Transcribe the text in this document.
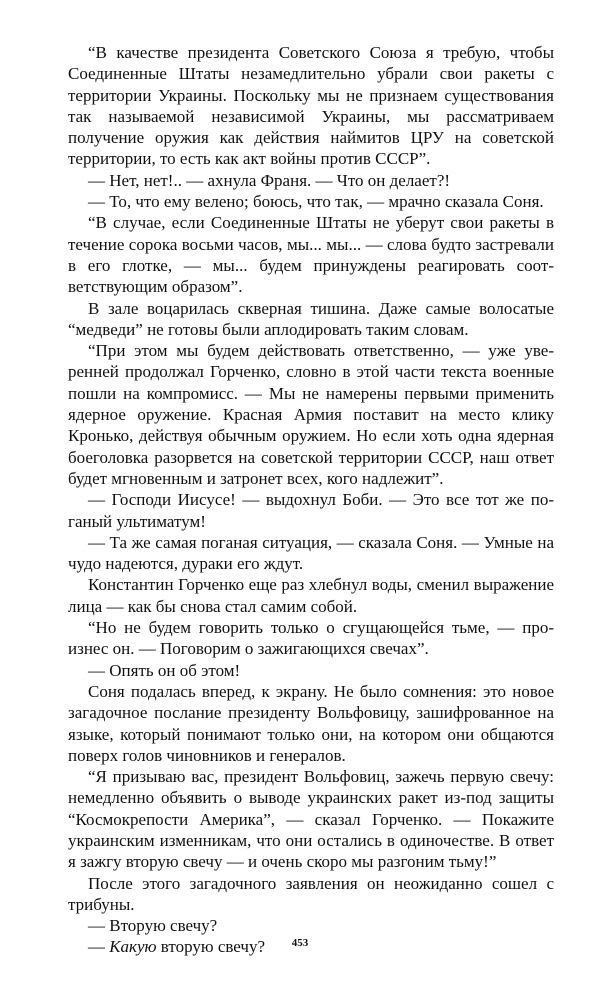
“В качестве президента Советского Союза я требую, чтобы Соединенные Штаты незамедлительно убрали свои ракеты с территории Украины. Поскольку мы не признаем существования так называемой независимой Украины, мы рассматриваем получение оружия как действия наймитов ЦРУ на советской территории, то есть как акт войны против СССР”.

— Нет, нет!.. — ахнула Франя. — Что он делает?!

— То, что ему велено; боюсь, что так, — мрачно сказала Соня.

“В случае, если Соединенные Штаты не уберут свои ракеты в течение сорока восьми часов, мы... мы... — слова будто застревали в его глотке, — мы... будем принуждены реагировать соответствующим образом”.

В зале воцарилась скверная тишина. Даже самые волосатые “медведи” не готовы были аплодировать таким словам.

“При этом мы будем действовать ответственно, — уже уверенней продолжал Горченко, словно в этой части текста военные пошли на компромисс. — Мы не намерены первыми применить ядерное оружение. Красная Армия поставит на место клику Кронько, действуя обычным оружием. Но если хоть одна ядерная боеголовка разорвется на советской территории СССР, наш ответ будет мгновенным и затронет всех, кого надлежит”.

— Господи Иисусе! — выдохнул Боби. — Это все тот же поганый ультиматум!

— Та же самая поганая ситуация, — сказала Соня. — Умные на чудо надеются, дураки его ждут.

Константин Горченко еще раз хлебнул воды, сменил выражение лица — как бы снова стал самим собой.

“Но не будем говорить только о сгущающейся тьме, — произнес он. — Поговорим о зажигающихся свечах”.

— Опять он об этом!

Соня подалась вперед, к экрану. Не было сомнения: это новое загадочное послание президенту Вольфовицу, зашифрованное на языке, который понимают только они, на котором они общаются поверх голов чиновников и генералов.

“Я призываю вас, президент Вольфовиц, зажечь первую свечу: немедленно объявить о выводе украинских ракет из-под защиты “Космокрепости Америка”, — сказал Горченко. — Покажите украинским изменникам, что они остались в одиночестве. В ответ я зажгу вторую свечу — и очень скоро мы разгоним тьму!”

После этого загадочного заявления он неожиданно сошел с трибуны.

— Вторую свечу?

— Какую вторую свечу?	453
